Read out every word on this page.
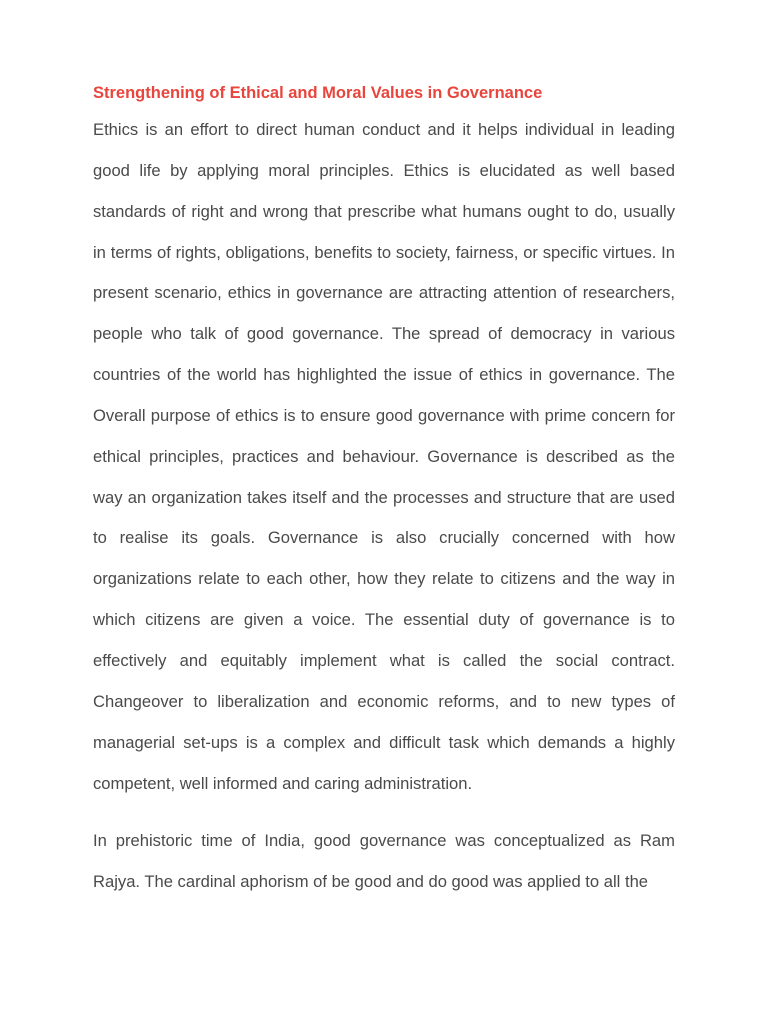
Strengthening of Ethical and Moral Values in Governance

Ethics is an effort to direct human conduct and it helps individual in leading good life by applying moral principles. Ethics is elucidated as well based standards of right and wrong that prescribe what humans ought to do, usually in terms of rights, obligations, benefits to society, fairness, or specific virtues. In present scenario, ethics in governance are attracting attention of researchers, people who talk of good governance. The spread of democracy in various countries of the world has highlighted the issue of ethics in governance. The Overall purpose of ethics is to ensure good governance with prime concern for ethical principles, practices and behaviour. Governance is described as the way an organization takes itself and the processes and structure that are used to realise its goals. Governance is also crucially concerned with how organizations relate to each other, how they relate to citizens and the way in which citizens are given a voice. The essential duty of governance is to effectively and equitably implement what is called the social contract. Changeover to liberalization and economic reforms, and to new types of managerial set-ups is a complex and difficult task which demands a highly competent, well informed and caring administration.

In prehistoric time of India, good governance was conceptualized as Ram Rajya. The cardinal aphorism of be good and do good was applied to all the
